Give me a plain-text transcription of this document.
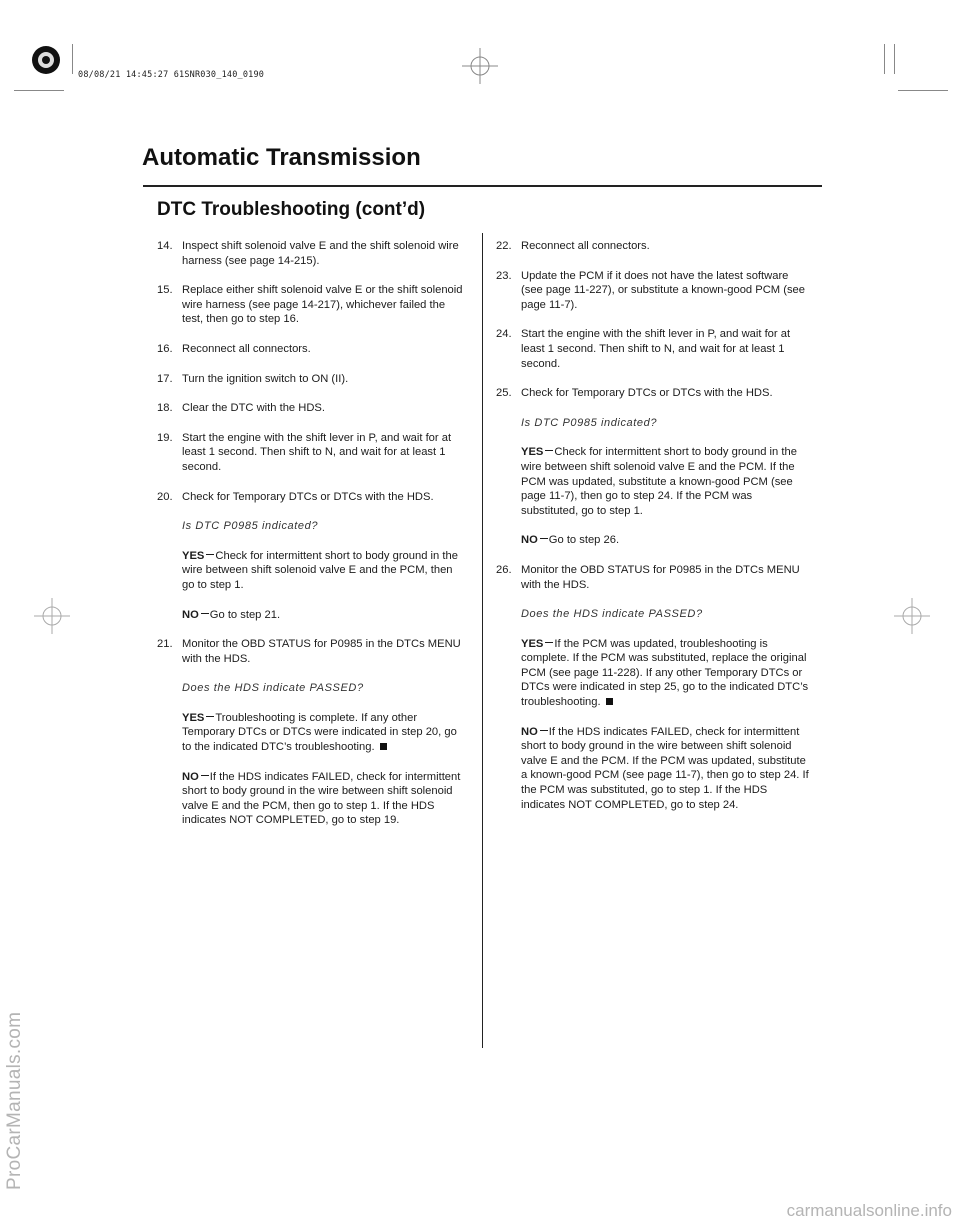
08/08/21 14:45:27 61SNR030_140_0190
ProCarManuals.com
carmanualsonline.info
Automatic Transmission
DTC Troubleshooting (cont’d)
14. Inspect shift solenoid valve E and the shift solenoid wire harness (see page 14-215).
15. Replace either shift solenoid valve E or the shift solenoid wire harness (see page 14-217), whichever failed the test, then go to step 16.
16. Reconnect all connectors.
17. Turn the ignition switch to ON (II).
18. Clear the DTC with the HDS.
19. Start the engine with the shift lever in P, and wait for at least 1 second. Then shift to N, and wait for at least 1 second.
20. Check for Temporary DTCs or DTCs with the HDS.
Is DTC P0985 indicated?
YES Check for intermittent short to body ground in the wire between shift solenoid valve E and the PCM, then go to step 1.
NO Go to step 21.
21. Monitor the OBD STATUS for P0985 in the DTCs MENU with the HDS.
Does the HDS indicate PASSED?
YES Troubleshooting is complete. If any other Temporary DTCs or DTCs were indicated in step 20, go to the indicated DTC’s troubleshooting.
NO If the HDS indicates FAILED, check for intermittent short to body ground in the wire between shift solenoid valve E and the PCM, then go to step 1. If the HDS indicates NOT COMPLETED, go to step 19.
22. Reconnect all connectors.
23. Update the PCM if it does not have the latest software (see page 11-227), or substitute a known-good PCM (see page 11-7).
24. Start the engine with the shift lever in P, and wait for at least 1 second. Then shift to N, and wait for at least 1 second.
25. Check for Temporary DTCs or DTCs with the HDS.
Is DTC P0985 indicated?
YES Check for intermittent short to body ground in the wire between shift solenoid valve E and the PCM. If the PCM was updated, substitute a known-good PCM (see page 11-7), then go to step 24. If the PCM was substituted, go to step 1.
NO Go to step 26.
26. Monitor the OBD STATUS for P0985 in the DTCs MENU with the HDS.
Does the HDS indicate PASSED?
YES If the PCM was updated, troubleshooting is complete. If the PCM was substituted, replace the original PCM (see page 11-228). If any other Temporary DTCs or DTCs were indicated in step 25, go to the indicated DTC’s troubleshooting.
NO If the HDS indicates FAILED, check for intermittent short to body ground in the wire between shift solenoid valve E and the PCM. If the PCM was updated, substitute a known-good PCM (see page 11-7), then go to step 24. If the PCM was substituted, go to step 1. If the HDS indicates NOT COMPLETED, go to step 24.
